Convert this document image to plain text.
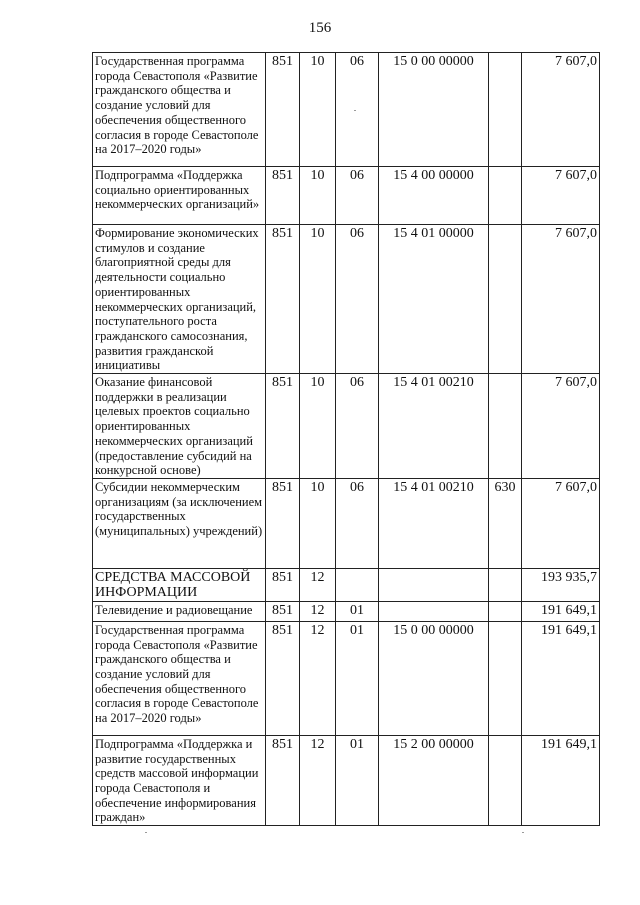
156
Государственная программа города Севастополя «Развитие гражданского общества и создание условий для обеспечения общественного согласия в городе Севастополе на 2017–2020 годы»	851	10	06	15 0 00 00000		7 607,0
Подпрограмма «Поддержка социально ориентированных некоммерческих организаций»	851	10	06	15 4 00 00000		7 607,0
Формирование экономических стимулов и создание благоприятной среды для деятельности социально ориентированных некоммерческих организаций, поступательного роста гражданского самосознания, развития гражданской инициативы	851	10	06	15 4 01 00000		7 607,0
Оказание финансовой поддержки в реализации целевых проектов социально ориентированных некоммерческих организаций (предоставление субсидий на конкурсной основе)	851	10	06	15 4 01 00210		7 607,0
Субсидии некоммерческим организациям (за исключением государственных (муниципальных) учреждений)	851	10	06	15 4 01 00210	630	7 607,0
СРЕДСТВА МАССОВОЙ ИНФОРМАЦИИ	851	12				193 935,7
Телевидение и радиовещание	851	12	01			191 649,1
Государственная программа города Севастополя «Развитие гражданского общества и создание условий для обеспечения общественного согласия в городе Севастополе на 2017–2020 годы»	851	12	01	15 0 00 00000		191 649,1
Подпрограмма «Поддержка и развитие государственных средств массовой информации города Севастополя и обеспечение информирования граждан»	851	12	01	15 2 00 00000		191 649,1
